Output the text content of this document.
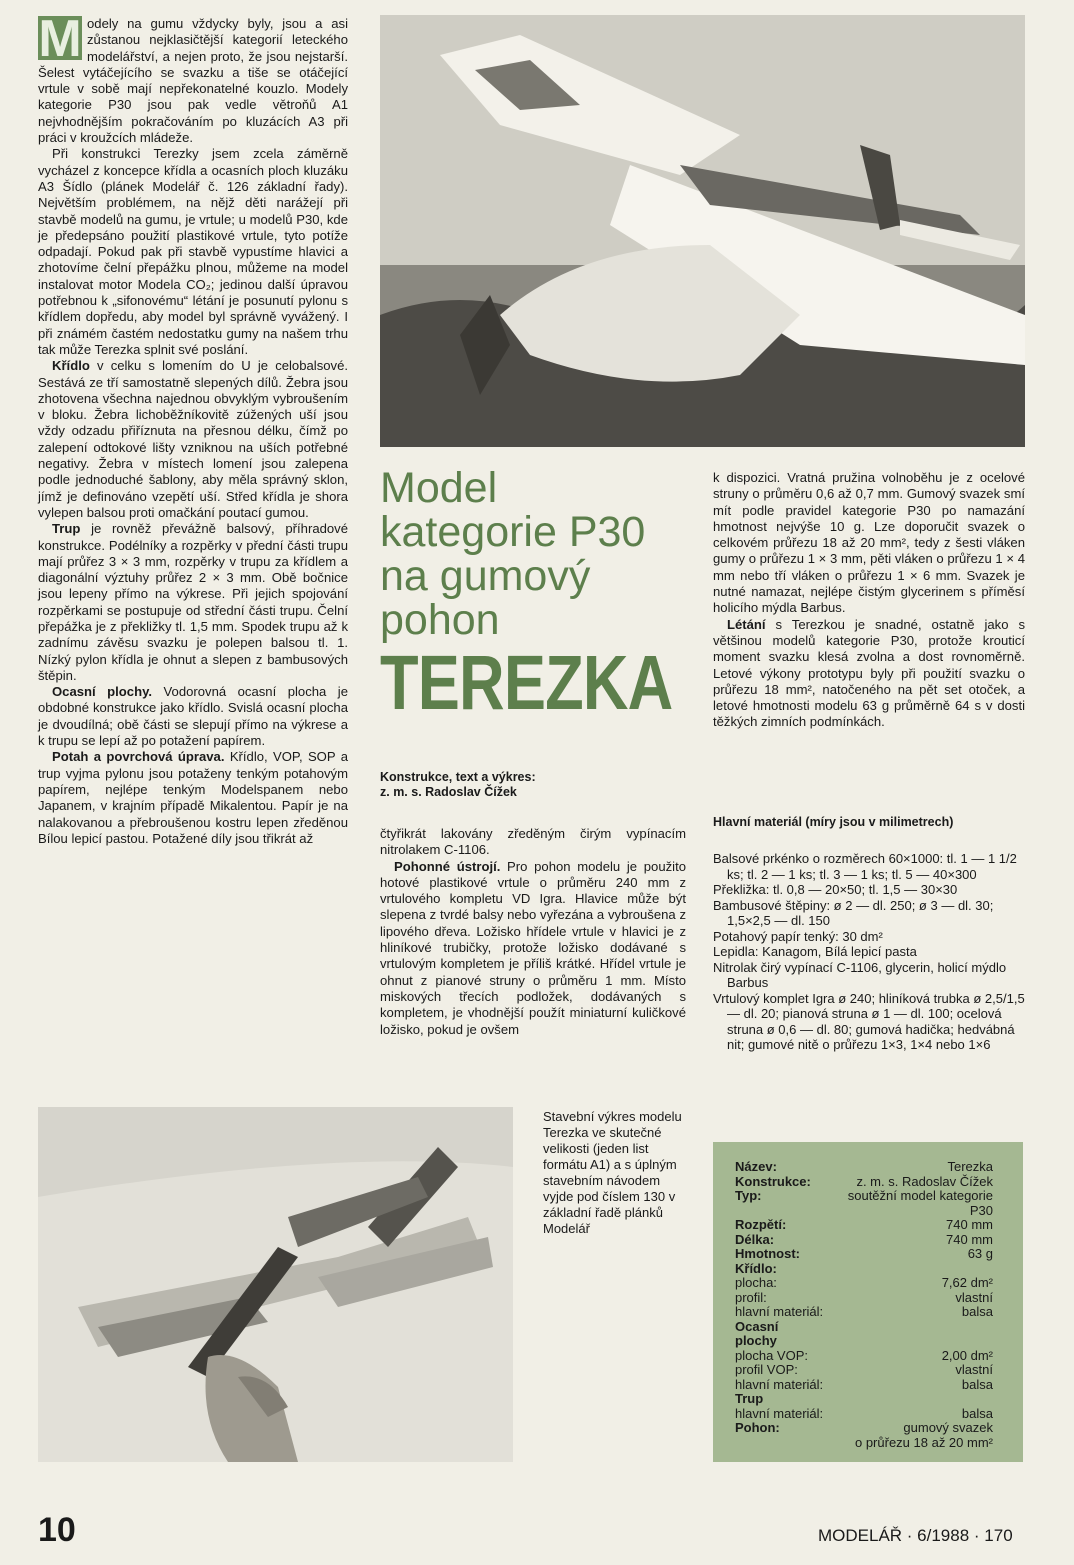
M odely na gumu vždycky byly, jsou a asi zůstanou nejklasičtější kategorií leteckého modelářství, a nejen proto, že jsou nejstarší. Šelest vytáčejícího se svazku a tiše se otáčející vrtule v sobě mají nepřekonatelné kouzlo. Modely kategorie P30 jsou pak vedle větroňů A1 nejvhodnějším pokračováním po kluzácích A3 při práci v kroužcích mládeže.

Při konstrukci Terezky jsem zcela záměrně vycházel z koncepce křídla a ocasních ploch kluzáku A3 Šídlo (plánek Modelář č. 126 základní řady). Největším problémem, na nějž děti narážejí při stavbě modelů na gumu, je vrtule; u modelů P30, kde je předepsáno použití plastikové vrtule, tyto potíže odpadají. Pokud pak při stavbě vypustíme hlavici a zhotovíme čelní přepážku plnou, můžeme na model instalovat motor Modela CO₂; jedinou další úpravou potřebnou k „sifonovému“ létání je posunutí pylonu s křídlem dopředu, aby model byl správně vyvážený. I při známém častém nedostatku gumy na našem trhu tak může Terezka splnit své poslání.

Křídlo v celku s lomením do U je celobalsové. Sestává ze tří samostatně slepených dílů. Žebra jsou zhotovena všechna najednou obvyklým vybroušením v bloku. Žebra lichoběžníkovitě zúžených uší jsou vždy odzadu přiříznuta na přesnou délku, čímž po zalepení odtokové lišty vzniknou na uších potřebné negativy. Žebra v místech lomení jsou zalepena podle jednoduché šablony, aby měla správný sklon, jímž je definováno vzepětí uší. Střed křídla je shora vylepen balsou proti omačkání poutací gumou.

Trup je rovněž převážně balsový, příhradové konstrukce. Podélníky a rozpěrky v přední části trupu mají průřez 3 × 3 mm, rozpěrky v trupu za křídlem a diagonální výztuhy průřez 2 × 3 mm. Obě bočnice jsou lepeny přímo na výkrese. Při jejich spojování rozpěrkami se postupuje od střední části trupu. Čelní přepážka je z překližky tl. 1,5 mm. Spodek trupu až k zadnímu závěsu svazku je polepen balsou tl. 1. Nízký pylon křídla je ohnut a slepen z bambusových štěpin.

Ocasní plochy. Vodorovná ocasní plocha je obdobné konstrukce jako křídlo. Svislá ocasní plocha je dvoudílná; obě části se slepují přímo na výkrese a k trupu se lepí až po potažení papírem.

Potah a povrchová úprava. Křídlo, VOP, SOP a trup vyjma pylonu jsou potaženy tenkým potahovým papírem, nejlépe tenkým Modelspanem nebo Japanem, v krajním případě Mikalentou. Papír je na nalakovanou a přebroušenou kostru lepen zředěnou Bílou lepicí pastou. Potažené díly jsou třikrát až

Model
kategorie P30
na gumový
pohon
TEREZKA
Konstrukce, text a výkres:
z. m. s. Radoslav Čížek

čtyřikrát lakovány zředěným čirým vypínacím nitrolakem C-1106.

Pohonné ústrojí. Pro pohon modelu je použito hotové plastikové vrtule o průměru 240 mm z vrtulového kompletu VD Igra. Hlavice může být slepena z tvrdé balsy nebo vyřezána a vybroušena z lipového dřeva. Ložisko hřídele vrtule v hlavici je z hliníkové trubičky, protože ložisko dodávané s vrtulovým kompletem je příliš krátké. Hřídel vrtule je ohnut z pianové struny o průměru 1 mm. Místo miskových třecích podložek, dodávaných s kompletem, je vhodnější použít miniaturní kuličkové ložisko, pokud je ovšem

k dispozici. Vratná pružina volnoběhu je z ocelové struny o průměru 0,6 až 0,7 mm. Gumový svazek smí mít podle pravidel kategorie P30 po namazání hmotnost nejvýše 10 g. Lze doporučit svazek o celkovém průřezu 18 až 20 mm², tedy z šesti vláken gumy o průřezu 1 × 3 mm, pěti vláken o průřezu 1 × 4 mm nebo tří vláken o průřezu 1 × 6 mm. Svazek je nutné namazat, nejlépe čistým glycerinem s příměsí holicího mýdla Barbus.

Létání s Terezkou je snadné, ostatně jako s většinou modelů kategorie P30, protože krouticí moment svazku klesá zvolna a dost rovnoměrně. Letové výkony prototypu byly při použití svazku o průřezu 18 mm², natočeného na pět set otoček, a letové hmotnosti modelu 63 g průměrně 64 s v dosti těžkých zimních podmínkách.

Hlavní materiál (míry jsou v milimetrech)
Balsové prkénko o rozměrech 60×1000: tl. 1 — 1 1/2 ks; tl. 2 — 1 ks; tl. 3 — 1 ks; tl. 5 — 40×300
Překližka: tl. 0,8 — 20×50; tl. 1,5 — 30×30
Bambusové štěpiny: ø 2 — dl. 250; ø 3 — dl. 30; 1,5×2,5 — dl. 150
Potahový papír tenký: 30 dm²
Lepidla: Kanagom, Bílá lepicí pasta
Nitrolak čirý vypínací C-1106, glycerin, holicí mýdlo Barbus
Vrtulový komplet Igra ø 240; hliníková trubka ø 2,5/1,5 — dl. 20; pianová struna ø 1 — dl. 100; ocelová struna ø 0,6 — dl. 80; gumová hadička; hedvábná nit; gumové nitě o průřezu 1×3, 1×4 nebo 1×6
Stavební výkres modelu Terezka ve skutečné velikosti (jeden list formátu A1) a s úplným stavebním návodem vyjde pod číslem 130 v základní řadě plánků Modelář
Název:	Terezka
Konstrukce:	z. m. s. Radoslav Čížek
Typ:	soutěžní model kategorie P30
Rozpětí:	740 mm
Délka:	740 mm
Hmotnost:	63 g
Křídlo:	
plocha:	7,62 dm²
profil:	vlastní
hlavní materiál:	balsa
Ocasní plochy	
plocha VOP:	2,00 dm²
profil VOP:	vlastní
hlavní materiál:	balsa
Trup	
hlavní materiál:	balsa
Pohon:	gumový svazek
	o průřezu 18 až 20 mm²
10	MODELÁŘ · 6/1988 · 170
